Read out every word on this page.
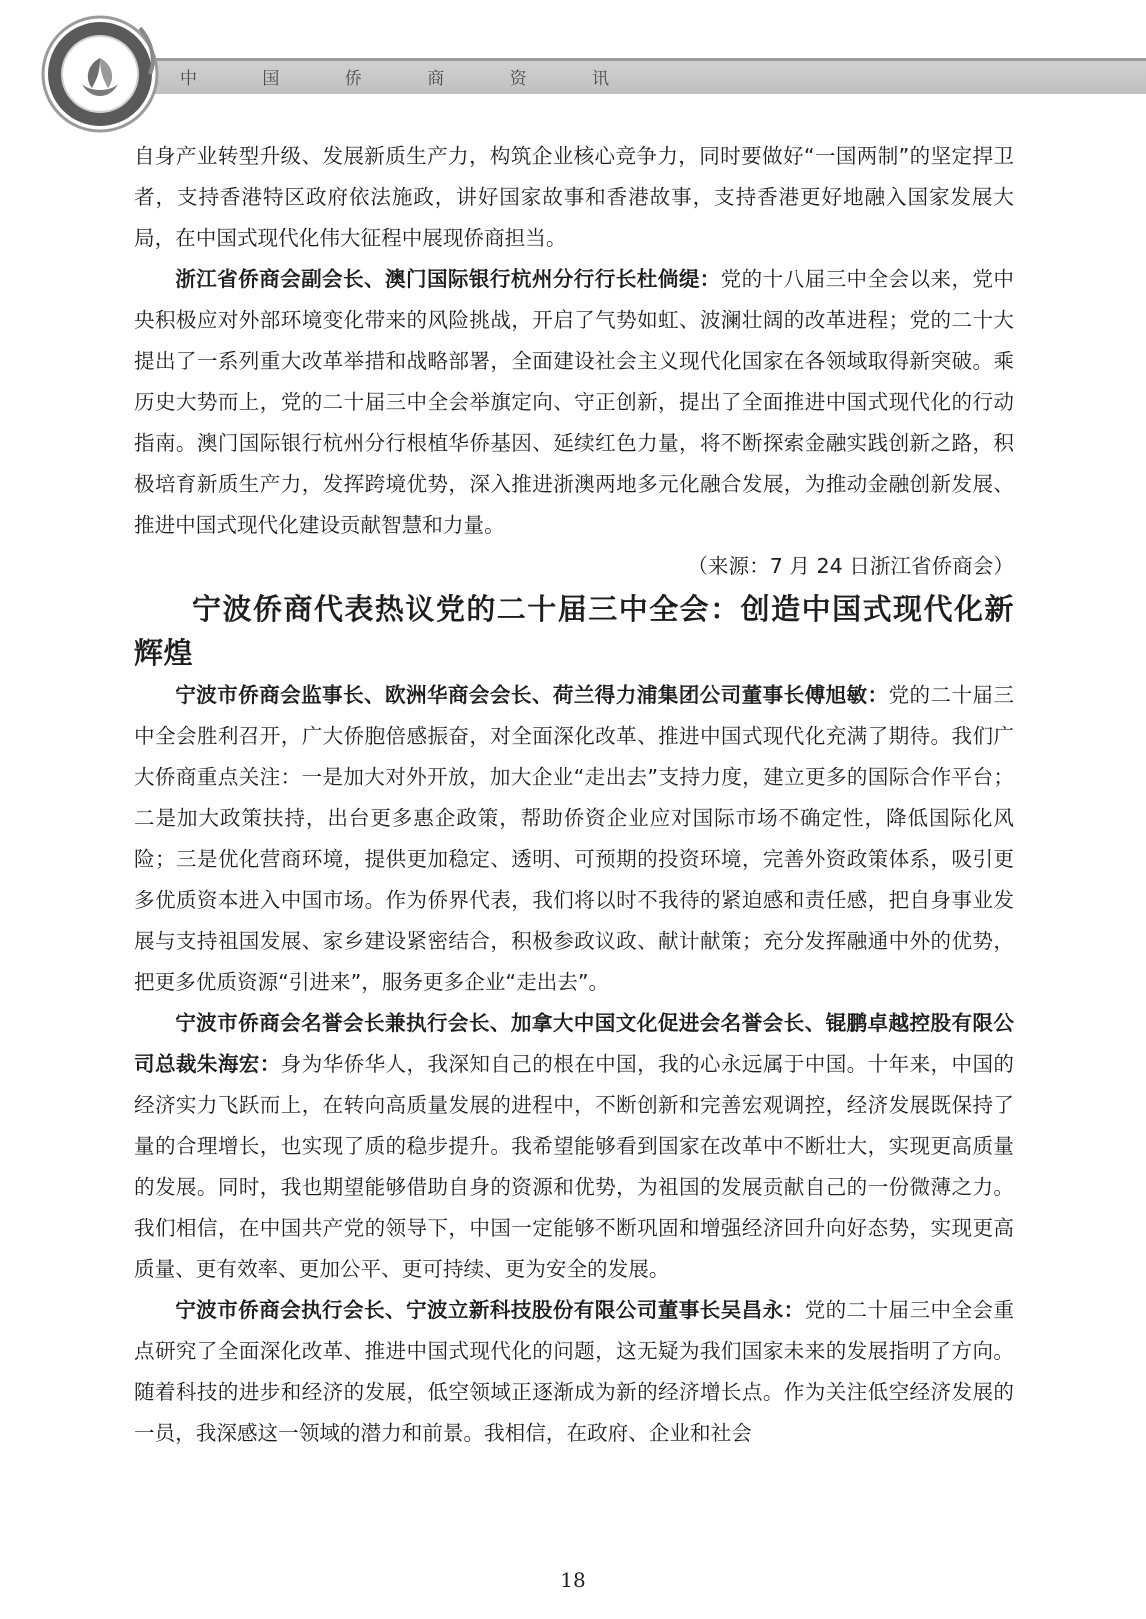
中 国 侨 商 资 讯

自身产业转型升级、发展新质生产力，构筑企业核心竞争力，同时要做好“一国两制”的坚定捍卫者，支持香港特区政府依法施政，讲好国家故事和香港故事，支持香港更好地融入国家发展大局，在中国式现代化伟大征程中展现侨商担当。

浙江省侨商会副会长、澳门国际银行杭州分行行长杜倘缇：党的十八届三中全会以来，党中央积极应对外部环境变化带来的风险挑战，开启了气势如虹、波澜壮阔的改革进程；党的二十大提出了一系列重大改革举措和战略部署，全面建设社会主义现代化国家在各领域取得新突破。乘历史大势而上，党的二十届三中全会举旗定向、守正创新，提出了全面推进中国式现代化的行动指南。澳门国际银行杭州分行根植华侨基因、延续红色力量，将不断探索金融实践创新之路，积极培育新质生产力，发挥跨境优势，深入推进浙澳两地多元化融合发展，为推动金融创新发展、推进中国式现代化建设贡献智慧和力量。

（来源：7 月 24 日浙江省侨商会）

宁波侨商代表热议党的二十届三中全会：创造中国式现代化新辉煌

宁波市侨商会监事长、欧洲华商会会长、荷兰得力浦集团公司董事长傅旭敏：党的二十届三中全会胜利召开，广大侨胞倍感振奋，对全面深化改革、推进中国式现代化充满了期待。我们广大侨商重点关注：一是加大对外开放，加大企业“走出去”支持力度，建立更多的国际合作平台；二是加大政策扶持，出台更多惠企政策，帮助侨资企业应对国际市场不确定性，降低国际化风险；三是优化营商环境，提供更加稳定、透明、可预期的投资环境，完善外资政策体系，吸引更多优质资本进入中国市场。作为侨界代表，我们将以时不我待的紧迫感和责任感，把自身事业发展与支持祖国发展、家乡建设紧密结合，积极参政议政、献计献策；充分发挥融通中外的优势，把更多优质资源“引进来”，服务更多企业“走出去”。

宁波市侨商会名誉会长兼执行会长、加拿大中国文化促进会名誉会长、锟鹏卓越控股有限公司总裁朱海宏：身为华侨华人，我深知自己的根在中国，我的心永远属于中国。十年来，中国的经济实力飞跃而上，在转向高质量发展的进程中，不断创新和完善宏观调控，经济发展既保持了量的合理增长，也实现了质的稳步提升。我希望能够看到国家在改革中不断壮大，实现更高质量的发展。同时，我也期望能够借助自身的资源和优势，为祖国的发展贡献自己的一份微薄之力。我们相信，在中国共产党的领导下，中国一定能够不断巩固和增强经济回升向好态势，实现更高质量、更有效率、更加公平、更可持续、更为安全的发展。

宁波市侨商会执行会长、宁波立新科技股份有限公司董事长吴昌永：党的二十届三中全会重点研究了全面深化改革、推进中国式现代化的问题，这无疑为我们国家未来的发展指明了方向。随着科技的进步和经济的发展，低空领域正逐渐成为新的经济增长点。作为关注低空经济发展的一员，我深感这一领域的潜力和前景。我相信，在政府、企业和社会

18
